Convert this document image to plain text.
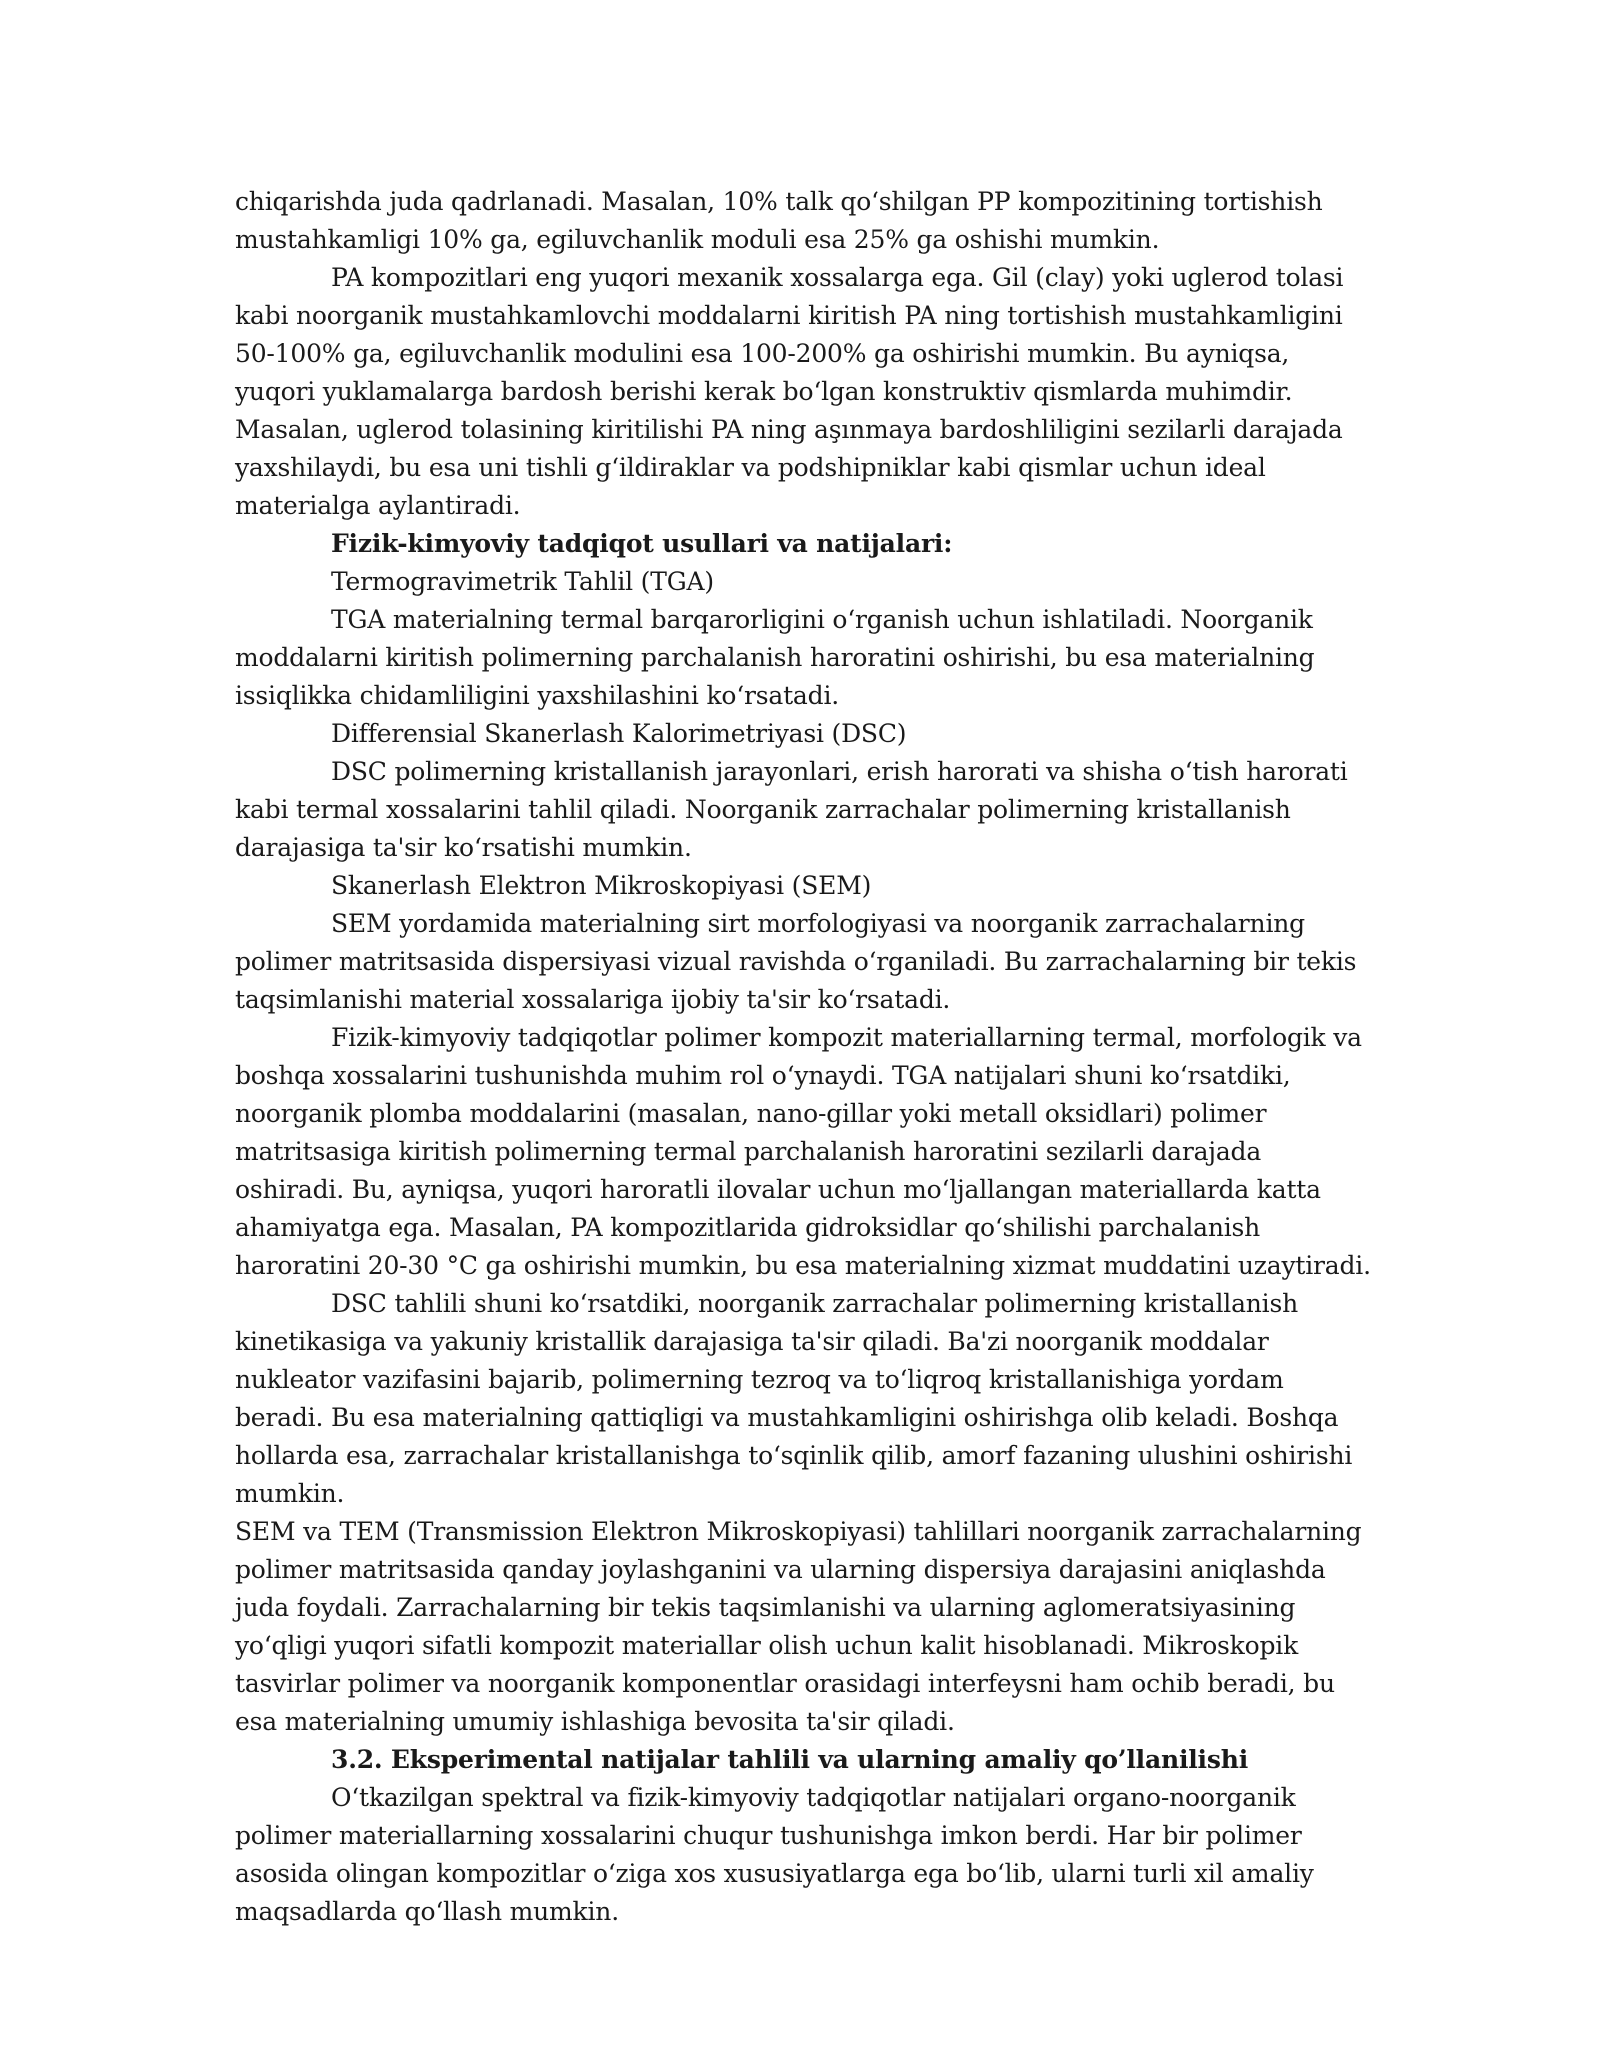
chiqarishda juda qadrlanadi. Masalan, 10% talk qo‘shilgan PP kompozitining tortishish mustahkamligi 10% ga, egiluvchanlik moduli esa 25% ga oshishi mumkin.

PA kompozitlari eng yuqori mexanik xossalarga ega. Gil (clay) yoki uglerod tolasi kabi noorganik mustahkamlovchi moddalarni kiritish PA ning tortishish mustahkamligini 50-100% ga, egiluvchanlik modulini esa 100-200% ga oshirishi mumkin. Bu ayniqsa, yuqori yuklamalarga bardosh berishi kerak bo‘lgan konstruktiv qismlarda muhimdir. Masalan, uglerod tolasining kiritilishi PA ning aşınmaya bardoshliligini sezilarli darajada yaxshilaydi, bu esa uni tishli g‘ildiraklar va podshipniklar kabi qismlar uchun ideal materialga aylantiradi.

Fizik-kimyoviy tadqiqot usullari va natijalari:

Termogravimetrik Tahlil (TGA)

TGA materialning termal barqarorligini o‘rganish uchun ishlatiladi. Noorganik moddalarni kiritish polimerning parchalanish haroratini oshirishi, bu esa materialning issiqlikka chidamliligini yaxshilashini ko‘rsatadi.

Differensial Skanerlash Kalorimetriyasi (DSC)

DSC polimerning kristallanish jarayonlari, erish harorati va shisha o‘tish harorati kabi termal xossalarini tahlil qiladi. Noorganik zarrachalar polimerning kristallanish darajasiga ta'sir ko‘rsatishi mumkin.

Skanerlash Elektron Mikroskopiyasi (SEM)

SEM yordamida materialning sirt morfologiyasi va noorganik zarrachalarning polimer matritsasida dispersiyasi vizual ravishda o‘rganiladi. Bu zarrachalarning bir tekis taqsimlanishi material xossalariga ijobiy ta'sir ko‘rsatadi.

Fizik-kimyoviy tadqiqotlar polimer kompozit materiallarning termal, morfologik va boshqa xossalarini tushunishda muhim rol o‘ynaydi. TGA natijalari shuni ko‘rsatdiki, noorganik plomba moddalarini (masalan, nano-gillar yoki metall oksidlari) polimer matritsasiga kiritish polimerning termal parchalanish haroratini sezilarli darajada oshiradi. Bu, ayniqsa, yuqori haroratli ilovalar uchun mo‘ljallangan materiallarda katta ahamiyatga ega. Masalan, PA kompozitlarida gidroksidlar qo‘shilishi parchalanish haroratini 20-30 °C ga oshirishi mumkin, bu esa materialning xizmat muddatini uzaytiradi.

DSC tahlili shuni ko‘rsatdiki, noorganik zarrachalar polimerning kristallanish kinetikasiga va yakuniy kristallik darajasiga ta'sir qiladi. Ba'zi noorganik moddalar nukleator vazifasini bajarib, polimerning tezroq va to‘liqroq kristallanishiga yordam beradi. Bu esa materialning qattiqligi va mustahkamligini oshirishga olib keladi. Boshqa hollarda esa, zarrachalar kristallanishga to‘sqinlik qilib, amorf fazaning ulushini oshirishi mumkin.

SEM va TEM (Transmission Elektron Mikroskopiyasi) tahlillari noorganik zarrachalarning polimer matritsasida qanday joylashganini va ularning dispersiya darajasini aniqlashda juda foydali. Zarrachalarning bir tekis taqsimlanishi va ularning aglomeratsiyasining yo‘qligi yuqori sifatli kompozit materiallar olish uchun kalit hisoblanadi. Mikroskopik tasvirlar polimer va noorganik komponentlar orasidagi interfeysni ham ochib beradi, bu esa materialning umumiy ishlashiga bevosita ta'sir qiladi.

3.2. Eksperimental natijalar tahlili va ularning amaliy qo’llanilishi

O‘tkazilgan spektral va fizik-kimyoviy tadqiqotlar natijalari organo-noorganik polimer materiallarning xossalarini chuqur tushunishga imkon berdi. Har bir polimer asosida olingan kompozitlar o‘ziga xos xususiyatlarga ega bo‘lib, ularni turli xil amaliy maqsadlarda qo‘llash mumkin.
